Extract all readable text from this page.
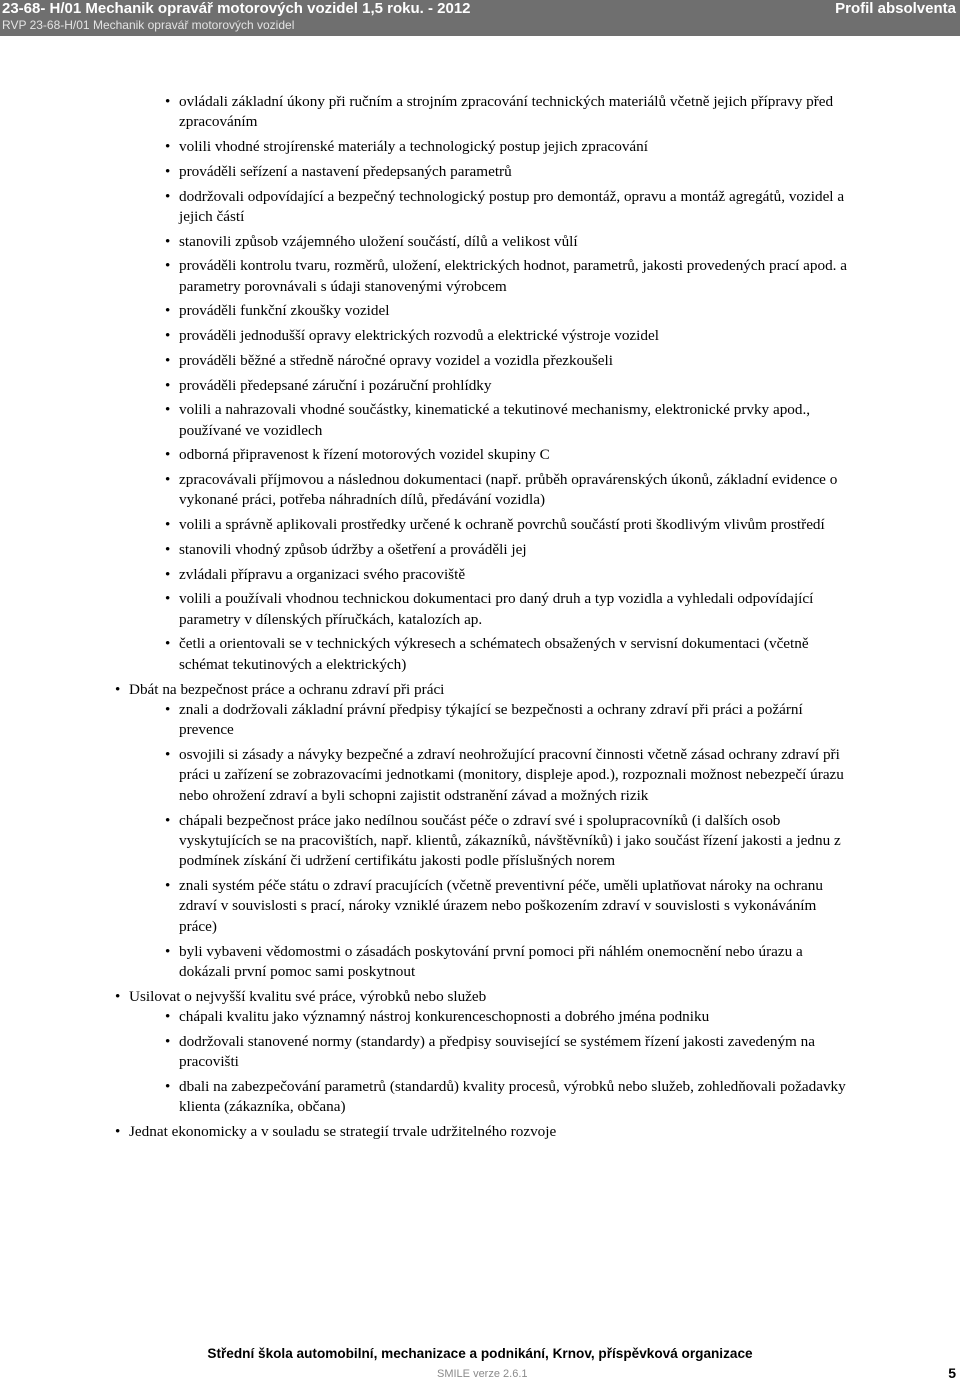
23-68- H/01 Mechanik opravář motorových vozidel 1,5 roku. - 2012
RVP 23-68-H/01 Mechanik opravář motorových vozidel
Profil absolventa
• ovládali základní úkony při ručním a strojním zpracování technických materiálů včetně jejich přípravy před zpracováním
• volili vhodné strojírenské materiály a technologický postup jejich zpracování
• prováděli seřízení a nastavení předepsaných parametrů
• dodržovali odpovídající a bezpečný technologický postup pro demontáž, opravu a montáž agregátů, vozidel a jejich částí
• stanovili způsob vzájemného uložení součástí, dílů a velikost vůlí
• prováděli kontrolu tvaru, rozměrů, uložení, elektrických hodnot, parametrů, jakosti provedených prací apod. a parametry porovnávali s údaji stanovenými výrobcem
• prováděli funkční zkoušky vozidel
• prováděli jednodušší opravy elektrických rozvodů a elektrické výstroje vozidel
• prováděli běžné a středně náročné opravy vozidel a vozidla přezkoušeli
• prováděli předepsané záruční i pozáruční prohlídky
• volili a nahrazovali vhodné součástky, kinematické a tekutinové mechanismy, elektronické prvky apod., používané ve vozidlech
• odborná připravenost k řízení motorových vozidel skupiny C
• zpracovávali příjmovou a následnou dokumentaci (např. průběh opravárenských úkonů, základní evidence o vykonané práci, potřeba náhradních dílů, předávání vozidla)
• volili a správně aplikovali prostředky určené k ochraně povrchů součástí proti škodlivým vlivům prostředí
• stanovili vhodný způsob údržby a ošetření a prováděli jej
• zvládali přípravu a organizaci svého pracoviště
• volili a používali vhodnou technickou dokumentaci pro daný druh a typ vozidla a vyhledali odpovídající parametry v dílenských příručkách, katalozích ap.
• četli a orientovali se v technických výkresech a schématech obsažených v servisní dokumentaci (včetně schémat tekutinových a elektrických)
• Dbát na bezpečnost práce a ochranu zdraví při práci
• znali a dodržovali základní právní předpisy týkající se bezpečnosti a ochrany zdraví při práci a požární prevence
• osvojili si zásady a návyky bezpečné a zdraví neohrožující pracovní činnosti včetně zásad ochrany zdraví při práci u zařízení se zobrazovacími jednotkami (monitory, displeje apod.), rozpoznali možnost nebezpečí úrazu nebo ohrožení zdraví a byli schopni zajistit odstranění závad a možných rizik
• chápali bezpečnost práce jako nedílnou součást péče o zdraví své i spolupracovníků (i dalších osob vyskytujících se na pracovištích, např. klientů, zákazníků, návštěvníků) i jako součást řízení jakosti a jednu z podmínek získání či udržení certifikátu jakosti podle příslušných norem
• znali systém péče státu o zdraví pracujících (včetně preventivní péče, uměli uplatňovat nároky na ochranu zdraví v souvislosti s prací, nároky vzniklé úrazem nebo poškozením zdraví v souvislosti s vykonáváním práce)
• byli vybaveni vědomostmi o zásadách poskytování první pomoci při náhlém onemocnění nebo úrazu a dokázali první pomoc sami poskytnout
• Usilovat o nejvyšší kvalitu své práce, výrobků nebo služeb
• chápali kvalitu jako významný nástroj konkurenceschopnosti a dobrého jména podniku
• dodržovali stanovené normy (standardy) a předpisy související se systémem řízení jakosti zavedeným na pracovišti
• dbali na zabezpečování parametrů (standardů) kvality procesů, výrobků nebo služeb, zohledňovali požadavky klienta (zákazníka, občana)
• Jednat ekonomicky a v souladu se strategií trvale udržitelného rozvoje
Střední škola automobilní, mechanizace a podnikání, Krnov, příspěvková organizace
SMILE verze 2.6.1	5
